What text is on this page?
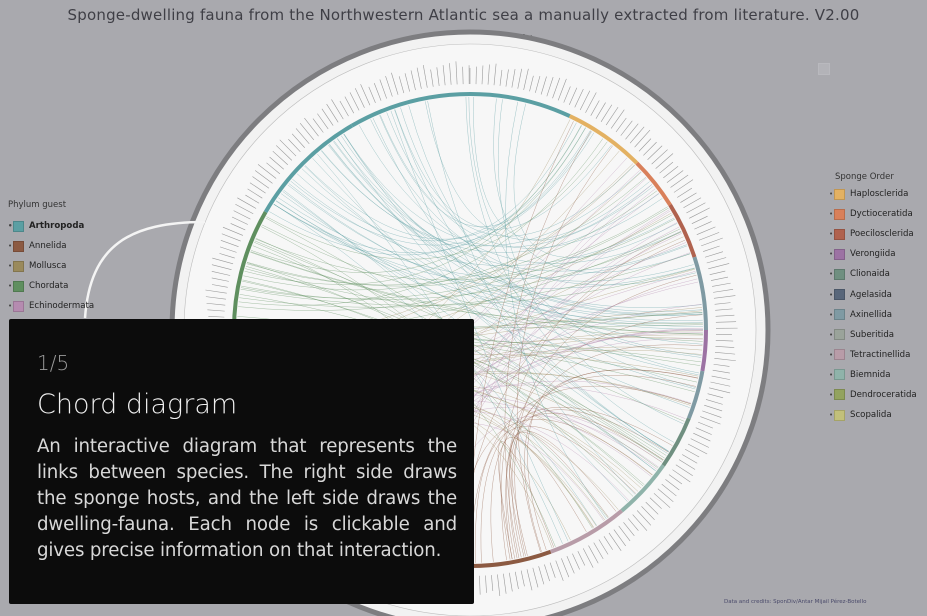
Sponge-dwelling fauna from the Northwestern Atlantic sea a manually extracted from literature. V2.00
Phylum guest
• Arthropoda
• Annelida
• Mollusca
• Chordata
• Echinodermata
Sponge Order
• Haplosclerida
• Dyctioceratida
• Poecilosclerida
• Verongiida
• Clionaida
• Agelasida
• Axinellida
• Suberitida
• Tetractinellida
• Biemnida
• Dendroceratida
• Scopalida
Data and credits: SponDiv/Antar Mijail Pérez-Botello
1/5
Chord diagram
An interactive diagram that represents the links between species. The right side draws the sponge hosts, and the left side draws the dwelling-fauna. Each node is clickable and gives precise information on that interaction.
